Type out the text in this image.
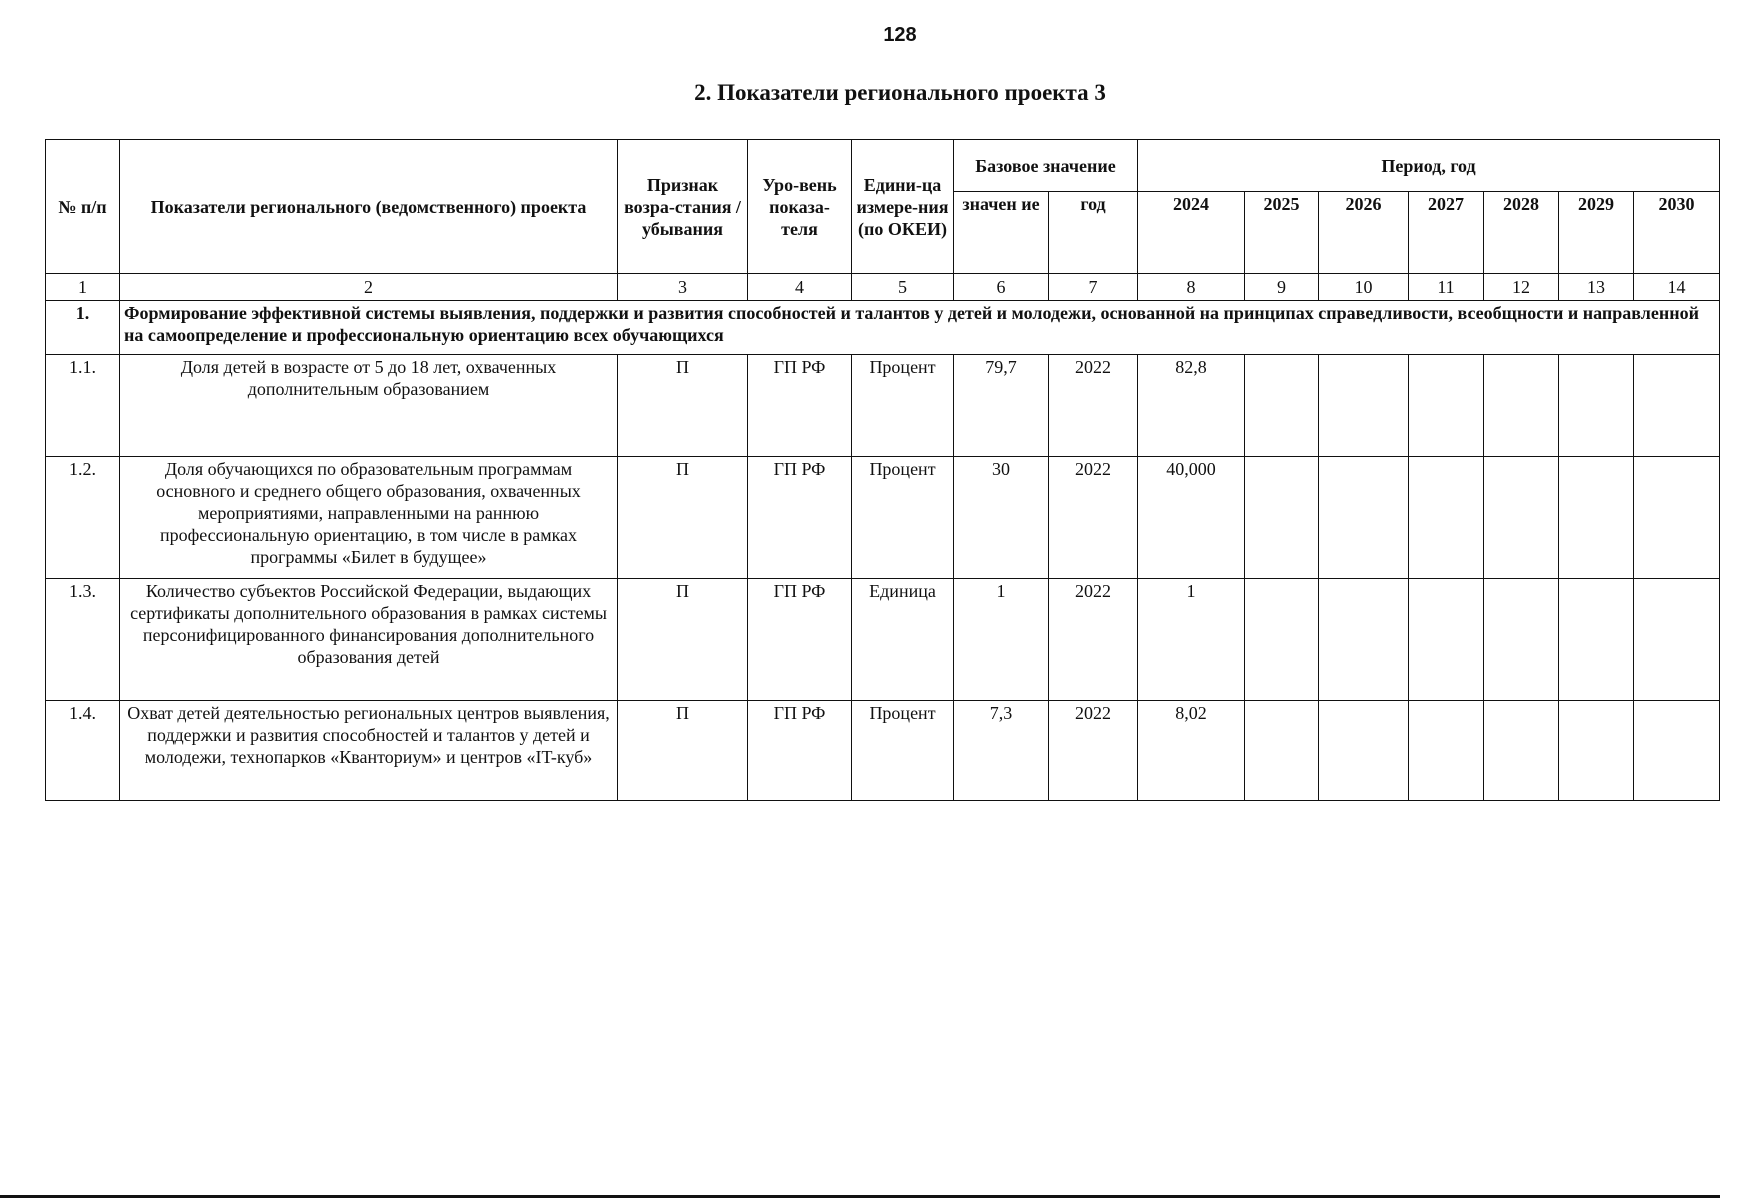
128
2. Показатели регионального проекта 3
№ п/п	Показатели регионального (ведомственного) проекта	Признак возра-стания / убывания	Уро-вень показа-теля	Едини-ца измере-ния (по ОКЕИ)	Базовое значение		Период, год						
					значен ие	год	2024	2025	2026	2027	2028	2029	2030
1	2	3	4	5	6	7	8	9	10	11	12	13	14
1.	Формирование эффективной системы выявления, поддержки и развития способностей и талантов у детей и молодежи, основанной на принципах справедливости, всеобщности и направленной на самоопределение и профессиональную ориентацию всех обучающихся												
1.1.	Доля детей в возрасте от 5 до 18 лет, охваченных дополнительным образованием	П	ГП РФ	Процент	79,7	2022	82,8						
1.2.	Доля обучающихся по образовательным программам основного и среднего общего образования, охваченных мероприятиями, направленными на раннюю профессиональную ориентацию, в том числе в рамках программы «Билет в будущее»	П	ГП РФ	Процент	30	2022	40,000						
1.3.	Количество субъектов Российской Федерации, выдающих сертификаты дополнительного образования в рамках системы персонифицированного финансирования дополнительного образования детей	П	ГП РФ	Единица	1	2022	1						
1.4.	Охват детей деятельностью региональных центров выявления, поддержки и развития способностей и талантов у детей и молодежи, технопарков «Кванториум» и центров «IT-куб»	П	ГП РФ	Процент	7,3	2022	8,02						
